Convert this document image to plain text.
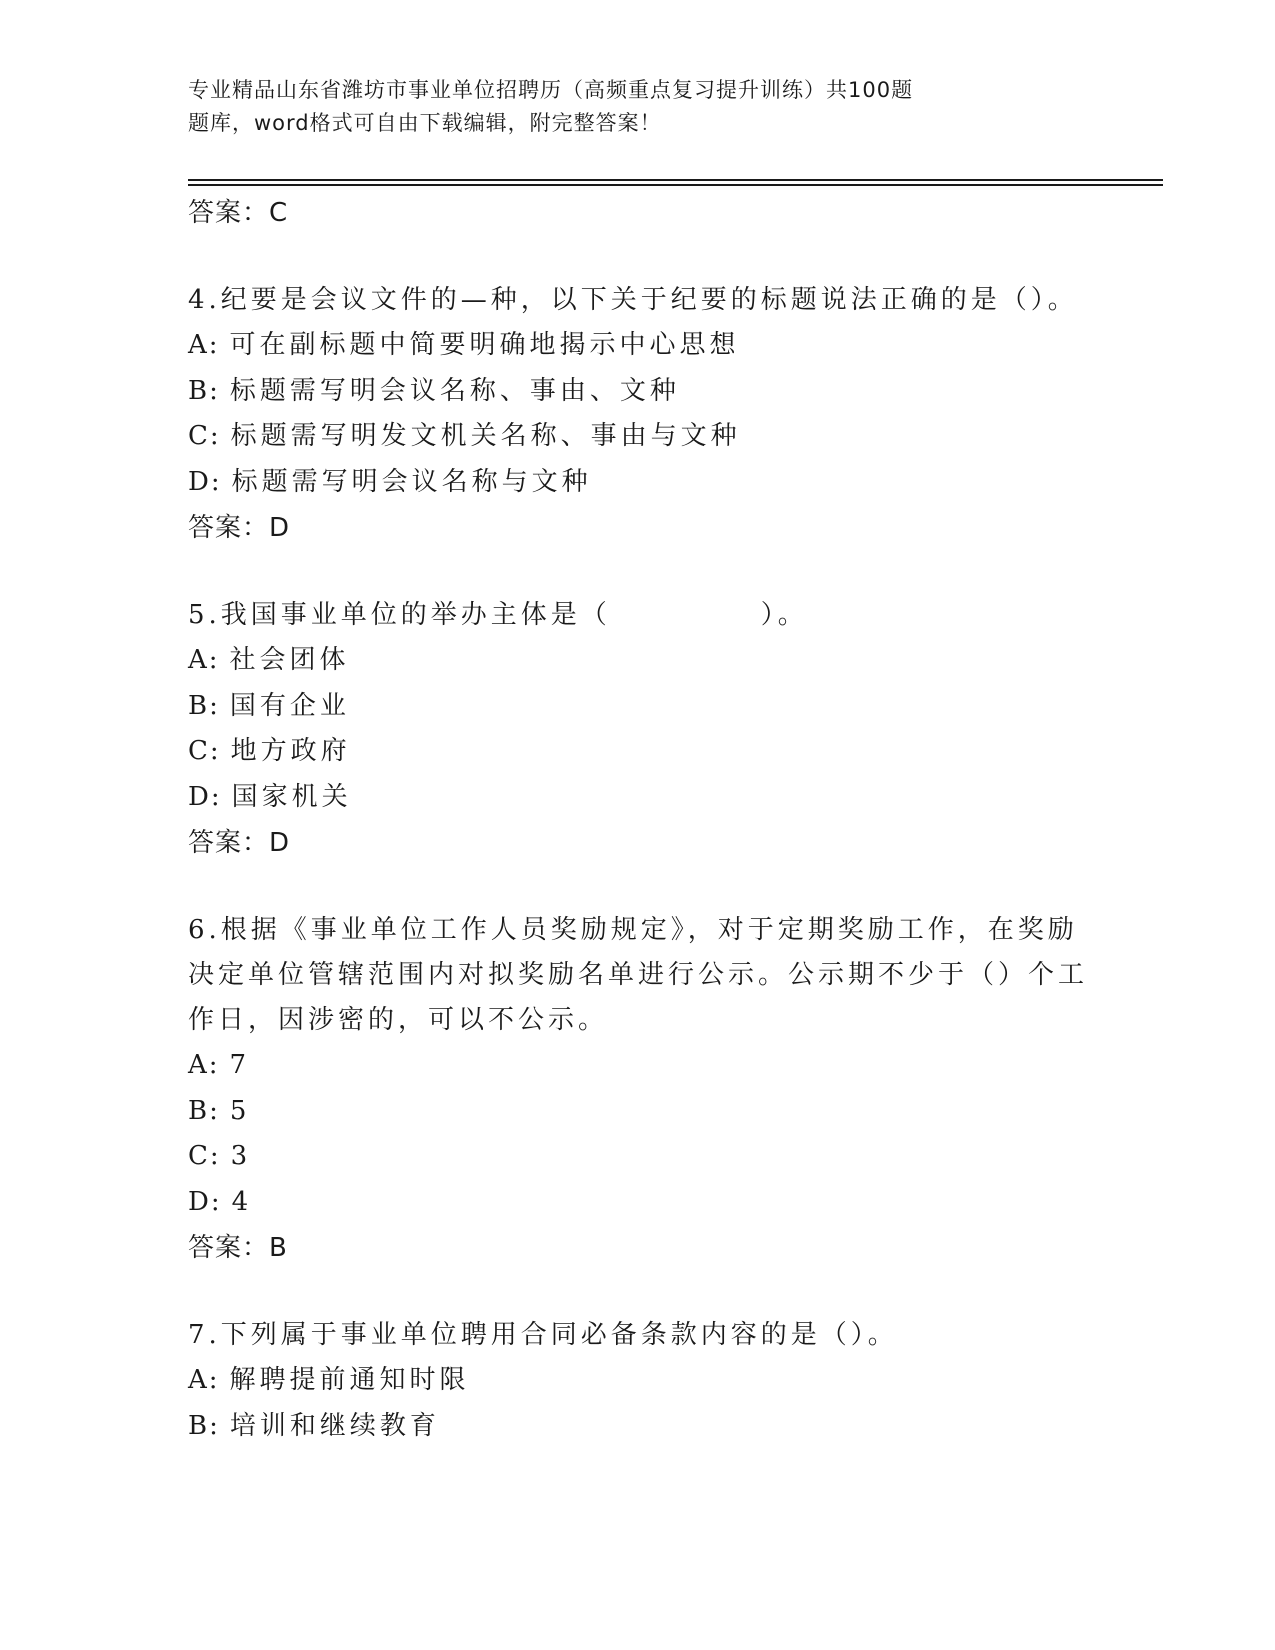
专业精品山东省潍坊市事业单位招聘历（高频重点复习提升训练）共100题
题库，word格式可自由下载编辑，附完整答案！
答案：C
4.纪要是会议文件的—种，以下关于纪要的标题说法正确的是（）。
A: 可在副标题中简要明确地揭示中心思想
B: 标题需写明会议名称、事由、文种
C: 标题需写明发文机关名称、事由与文种
D: 标题需写明会议名称与文种
答案：D
5.我国事业单位的举办主体是（　　　　　）。
A: 社会团体
B: 国有企业
C: 地方政府
D: 国家机关
答案：D
6.根据《事业单位工作人员奖励规定》，对于定期奖励工作，在奖励决定单位管辖范围内对拟奖励名单进行公示。公示期不少于（）个工作日，因涉密的，可以不公示。
A: 7
B: 5
C: 3
D: 4
答案：B
7.下列属于事业单位聘用合同必备条款内容的是（）。
A: 解聘提前通知时限
B: 培训和继续教育
